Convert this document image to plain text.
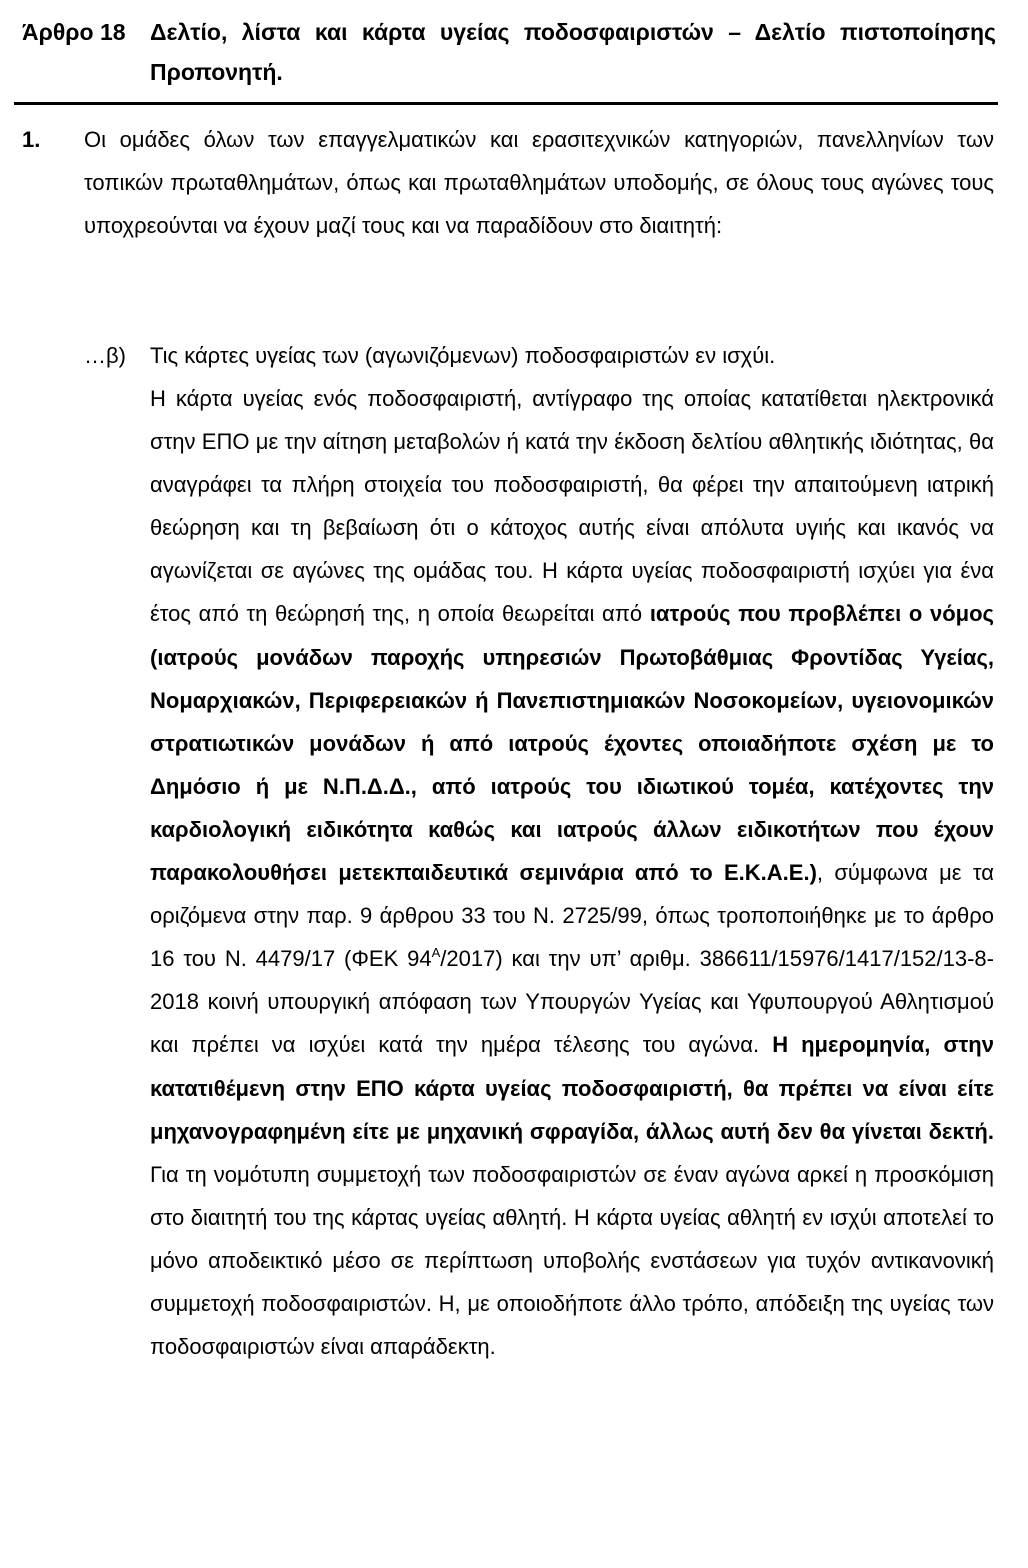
Άρθρο 18 Δελτίο, λίστα και κάρτα υγείας ποδοσφαιριστών – Δελτίο πιστοποίησης Προπονητή.
1. Οι ομάδες όλων των επαγγελματικών και ερασιτεχνικών κατηγοριών, πανελληνίων των τοπικών πρωταθλημάτων, όπως και πρωταθλημάτων υποδομής, σε όλους τους αγώνες τους υποχρεούνται να έχουν μαζί τους και να παραδίδουν στο διαιτητή:

…β) Τις κάρτες υγείας των (αγωνιζόμενων) ποδοσφαιριστών εν ισχύι.

Η κάρτα υγείας ενός ποδοσφαιριστή, αντίγραφο της οποίας κατατίθεται ηλεκτρονικά στην ΕΠΟ με την αίτηση μεταβολών ή κατά την έκδοση δελτίου αθλητικής ιδιότητας, θα αναγράφει τα πλήρη στοιχεία του ποδοσφαιριστή, θα φέρει την απαιτούμενη ιατρική θεώρηση και τη βεβαίωση ότι ο κάτοχος αυτής είναι απόλυτα υγιής και ικανός να αγωνίζεται σε αγώνες της ομάδας του. Η κάρτα υγείας ποδοσφαιριστή ισχύει για ένα έτος από τη θεώρησή της, η οποία θεωρείται από ιατρούς που προβλέπει ο νόμος (ιατρούς μονάδων παροχής υπηρεσιών Πρωτοβάθμιας Φροντίδας Υγείας, Νομαρχιακών, Περιφερειακών ή Πανεπιστημιακών Νοσοκομείων, υγειονομικών στρατιωτικών μονάδων ή από ιατρούς έχοντες οποιαδήποτε σχέση με το Δημόσιο ή με Ν.Π.Δ.Δ., από ιατρούς του ιδιωτικού τομέα, κατέχοντες την καρδιολογική ειδικότητα καθώς και ιατρούς άλλων ειδικοτήτων που έχουν παρακολουθήσει μετεκπαιδευτικά σεμινάρια από το Ε.Κ.Α.Ε.), σύμφωνα με τα οριζόμενα στην παρ. 9 άρθρου 33 του Ν. 2725/99, όπως τροποποιήθηκε με το άρθρο 16 του Ν. 4479/17 (ΦΕΚ $94^A/2017$) και την υπ’ αριθμ. 386611/15976/1417/152/13-8-2018 κοινή υπουργική απόφαση των Υπουργών Υγείας και Υφυπουργού Αθλητισμού και πρέπει να ισχύει κατά την ημέρα τέλεσης του αγώνα. Η ημερομηνία, στην κατατιθέμενη στην ΕΠΟ κάρτα υγείας ποδοσφαιριστή, θα πρέπει να είναι είτε μηχανογραφημένη είτε με μηχανική σφραγίδα, άλλως αυτή δεν θα γίνεται δεκτή. Για τη νομότυπη συμμετοχή των ποδοσφαιριστών σε έναν αγώνα αρκεί η προσκόμιση στο διαιτητή του της κάρτας υγείας αθλητή. Η κάρτα υγείας αθλητή εν ισχύι αποτελεί το μόνο αποδεικτικό μέσο σε περίπτωση υποβολής ενστάσεων για τυχόν αντικανονική συμμετοχή ποδοσφαιριστών. Η, με οποιοδήποτε άλλο τρόπο, απόδειξη της υγείας των ποδοσφαιριστών είναι απαράδεκτη.
